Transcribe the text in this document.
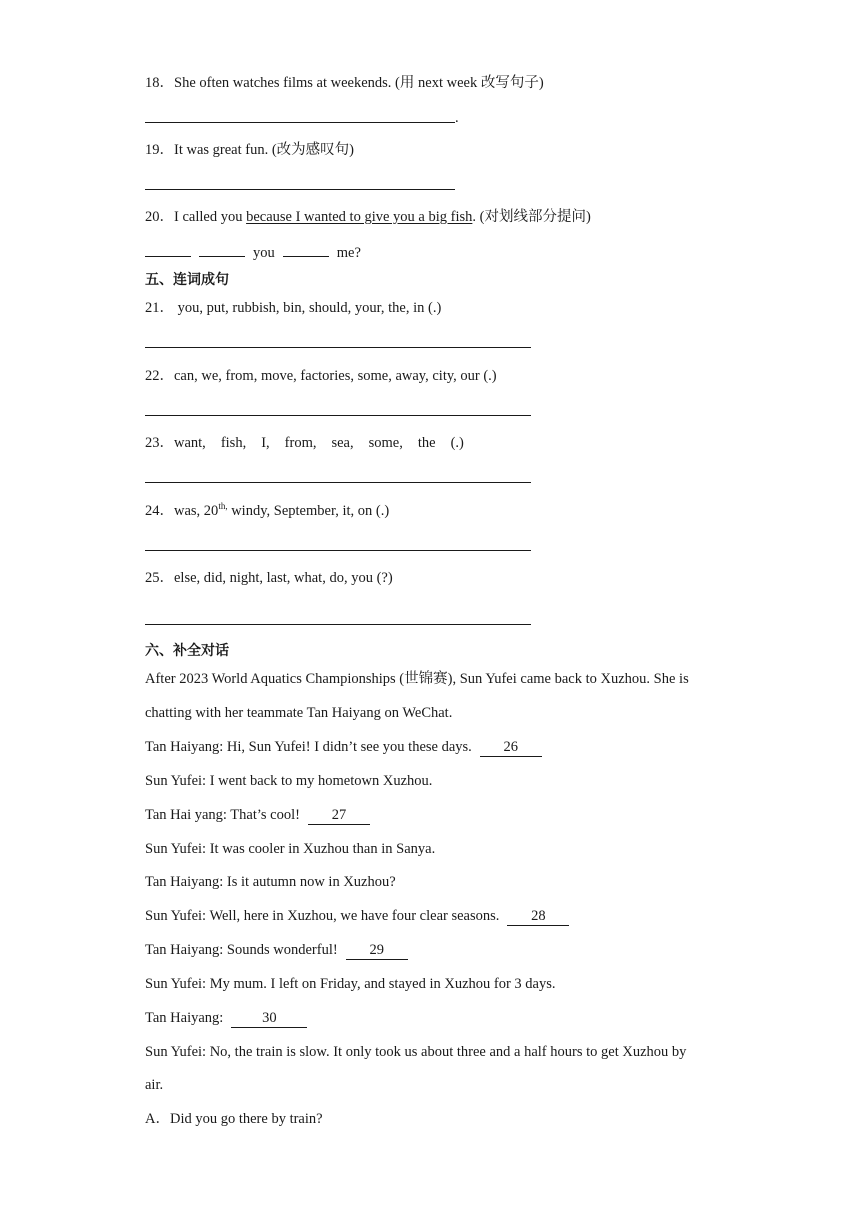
18．She often watches films at weekends. (用 next week 改写句子)
.
19．It was great fun. (改为感叹句)
20．I called you because I wanted to give you a big fish. (对划线部分提问)
you	me?
五、连词成句
21． you, put, rubbish, bin, should, your, the, in (.)
22．can, we, from, move, factories, some, away, city, our (.)
23．want, fish, I, from, sea, some, the (.)
24．was, $20^{th,}$ windy, September, it, on (.)
25．else, did, night, last, what, do, you (?)
六、补全对话
After 2023 World Aquatics Championships (世锦赛), Sun Yufei came back to Xuzhou. She is
chatting with her teammate Tan Haiyang on WeChat.
Tan Haiyang: Hi, Sun Yufei! I didn’t see you these days. 26
Sun Yufei: I went back to my hometown Xuzhou.
Tan Hai yang: That’s cool! 27
Sun Yufei: It was cooler in Xuzhou than in Sanya.
Tan Haiyang: Is it autumn now in Xuzhou?
Sun Yufei: Well, here in Xuzhou, we have four clear seasons. 28
Tan Haiyang: Sounds wonderful! 29
Sun Yufei: My mum. I left on Friday, and stayed in Xuzhou for 3 days.
Tan Haiyang:	30
Sun Yufei: No, the train is slow. It only took us about three and a half hours to get Xuzhou by
air.
A．Did you go there by train?
